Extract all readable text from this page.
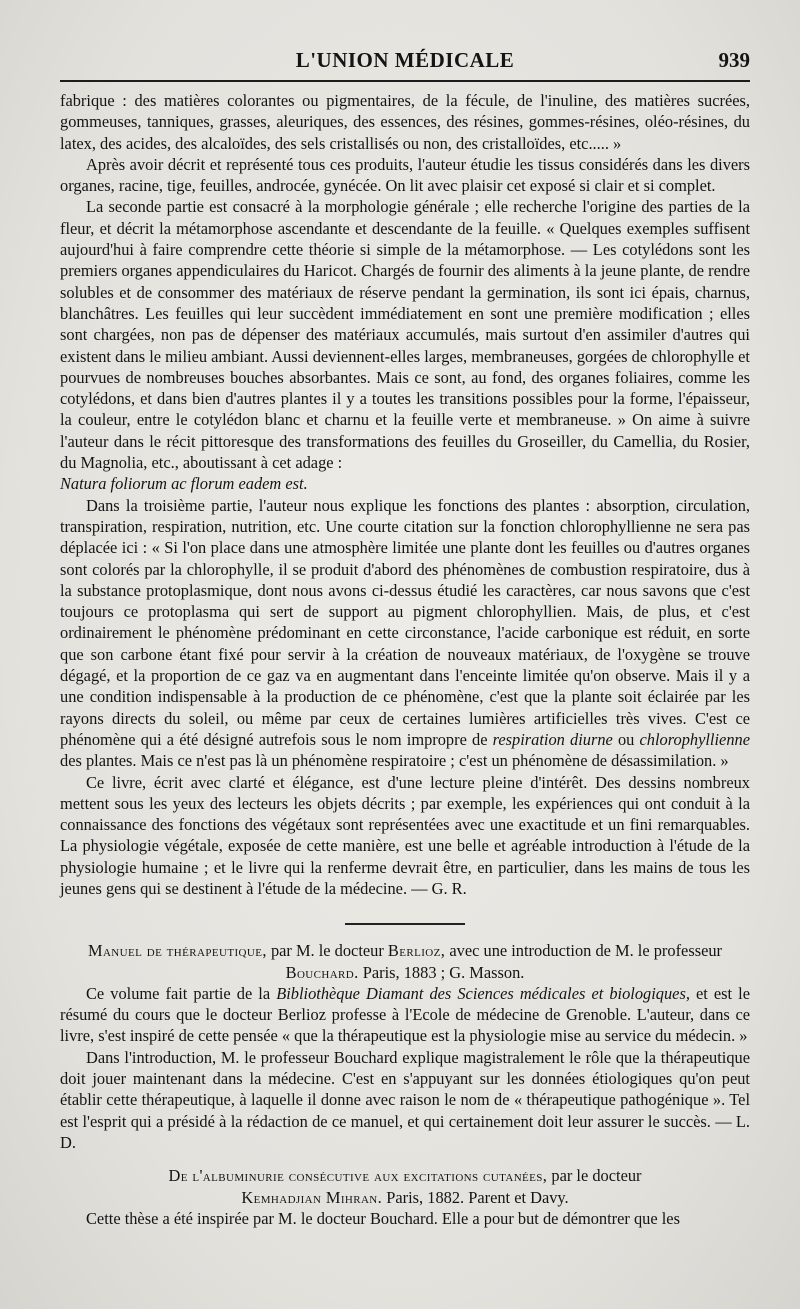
L'UNION MÉDICALE	939

fabrique : des matières colorantes ou pigmentaires, de la fécule, de l'inuline, des matières sucrées, gommeuses, tanniques, grasses, aleuriques, des essences, des résines, gommes-résines, oléo-résines, du latex, des acides, des alcaloïdes, des sels cristallisés ou non, des cristalloïdes, etc..... »

Après avoir décrit et représenté tous ces produits, l'auteur étudie les tissus considérés dans les divers organes, racine, tige, feuilles, androcée, gynécée. On lit avec plaisir cet exposé si clair et si complet.

La seconde partie est consacré à la morphologie générale ; elle recherche l'origine des parties de la fleur, et décrit la métamorphose ascendante et descendante de la feuille. « Quelques exemples suffisent aujourd'hui à faire comprendre cette théorie si simple de la métamorphose. — Les cotylédons sont les premiers organes appendiculaires du Haricot. Chargés de fournir des aliments à la jeune plante, de rendre solubles et de consommer des matériaux de réserve pendant la germination, ils sont ici épais, charnus, blanchâtres. Les feuilles qui leur succèdent immédiatement en sont une première modification ; elles sont chargées, non pas de dépenser des matériaux accumulés, mais surtout d'en assimiler d'autres qui existent dans le milieu ambiant. Aussi deviennent-elles larges, membraneuses, gorgées de chlorophylle et pourvues de nombreuses bouches absorbantes. Mais ce sont, au fond, des organes foliaires, comme les cotylédons, et dans bien d'autres plantes il y a toutes les transitions possibles pour la forme, l'épaisseur, la couleur, entre le cotylédon blanc et charnu et la feuille verte et membraneuse. » On aime à suivre l'auteur dans le récit pittoresque des transformations des feuilles du Groseiller, du Camellia, du Rosier, du Magnolia, etc., aboutissant à cet adage :
Natura foliorum ac florum eadem est.

Dans la troisième partie, l'auteur nous explique les fonctions des plantes : absorption, circulation, transpiration, respiration, nutrition, etc. Une courte citation sur la fonction chlorophyllienne ne sera pas déplacée ici : « Si l'on place dans une atmosphère limitée une plante dont les feuilles ou d'autres organes sont colorés par la chlorophylle, il se produit d'abord des phénomènes de combustion respiratoire, dus à la substance protoplasmique, dont nous avons ci-dessus étudié les caractères, car nous savons que c'est toujours ce protoplasma qui sert de support au pigment chlorophyllien. Mais, de plus, et c'est ordinairement le phénomène prédominant en cette circonstance, l'acide carbonique est réduit, en sorte que son carbone étant fixé pour servir à la création de nouveaux matériaux, de l'oxygène se trouve dégagé, et la proportion de ce gaz va en augmentant dans l'enceinte limitée qu'on observe. Mais il y a une condition indispensable à la production de ce phénomène, c'est que la plante soit éclairée par les rayons directs du soleil, ou même par ceux de certaines lumières artificielles très vives. C'est ce phénomène qui a été désigné autrefois sous le nom impropre de respiration diurne ou chlorophyllienne des plantes. Mais ce n'est pas là un phénomène respiratoire ; c'est un phénomène de désassimilation. »

Ce livre, écrit avec clarté et élégance, est d'une lecture pleine d'intérêt. Des dessins nombreux mettent sous les yeux des lecteurs les objets décrits ; par exemple, les expériences qui ont conduit à la connaissance des fonctions des végétaux sont représentées avec une exactitude et un fini remarquables. La physiologie végétale, exposée de cette manière, est une belle et agréable introduction à l'étude de la physiologie humaine ; et le livre qui la renferme devrait être, en particulier, dans les mains de tous les jeunes gens qui se destinent à l'étude de la médecine. — G. R.

Manuel de thérapeutique, par M. le docteur Berlioz, avec une introduction de M. le professeur Bouchard. Paris, 1883 ; G. Masson.

Ce volume fait partie de la Bibliothèque Diamant des Sciences médicales et biologiques, et est le résumé du cours que le docteur Berlioz professe à l'Ecole de médecine de Grenoble. L'auteur, dans ce livre, s'est inspiré de cette pensée « que la thérapeutique est la physiologie mise au service du médecin. »

Dans l'introduction, M. le professeur Bouchard explique magistralement le rôle que la thérapeutique doit jouer maintenant dans la médecine. C'est en s'appuyant sur les données étiologiques qu'on peut établir cette thérapeutique, à laquelle il donne avec raison le nom de « thérapeutique pathogénique ». Tel est l'esprit qui a présidé à la rédaction de ce manuel, et qui certainement doit leur assurer le succès. — L. D.

De l'albuminurie consécutive aux excitations cutanées, par le docteur
Kemhadjian Mihran. Paris, 1882. Parent et Davy.

Cette thèse a été inspirée par M. le docteur Bouchard. Elle a pour but de démontrer que les
